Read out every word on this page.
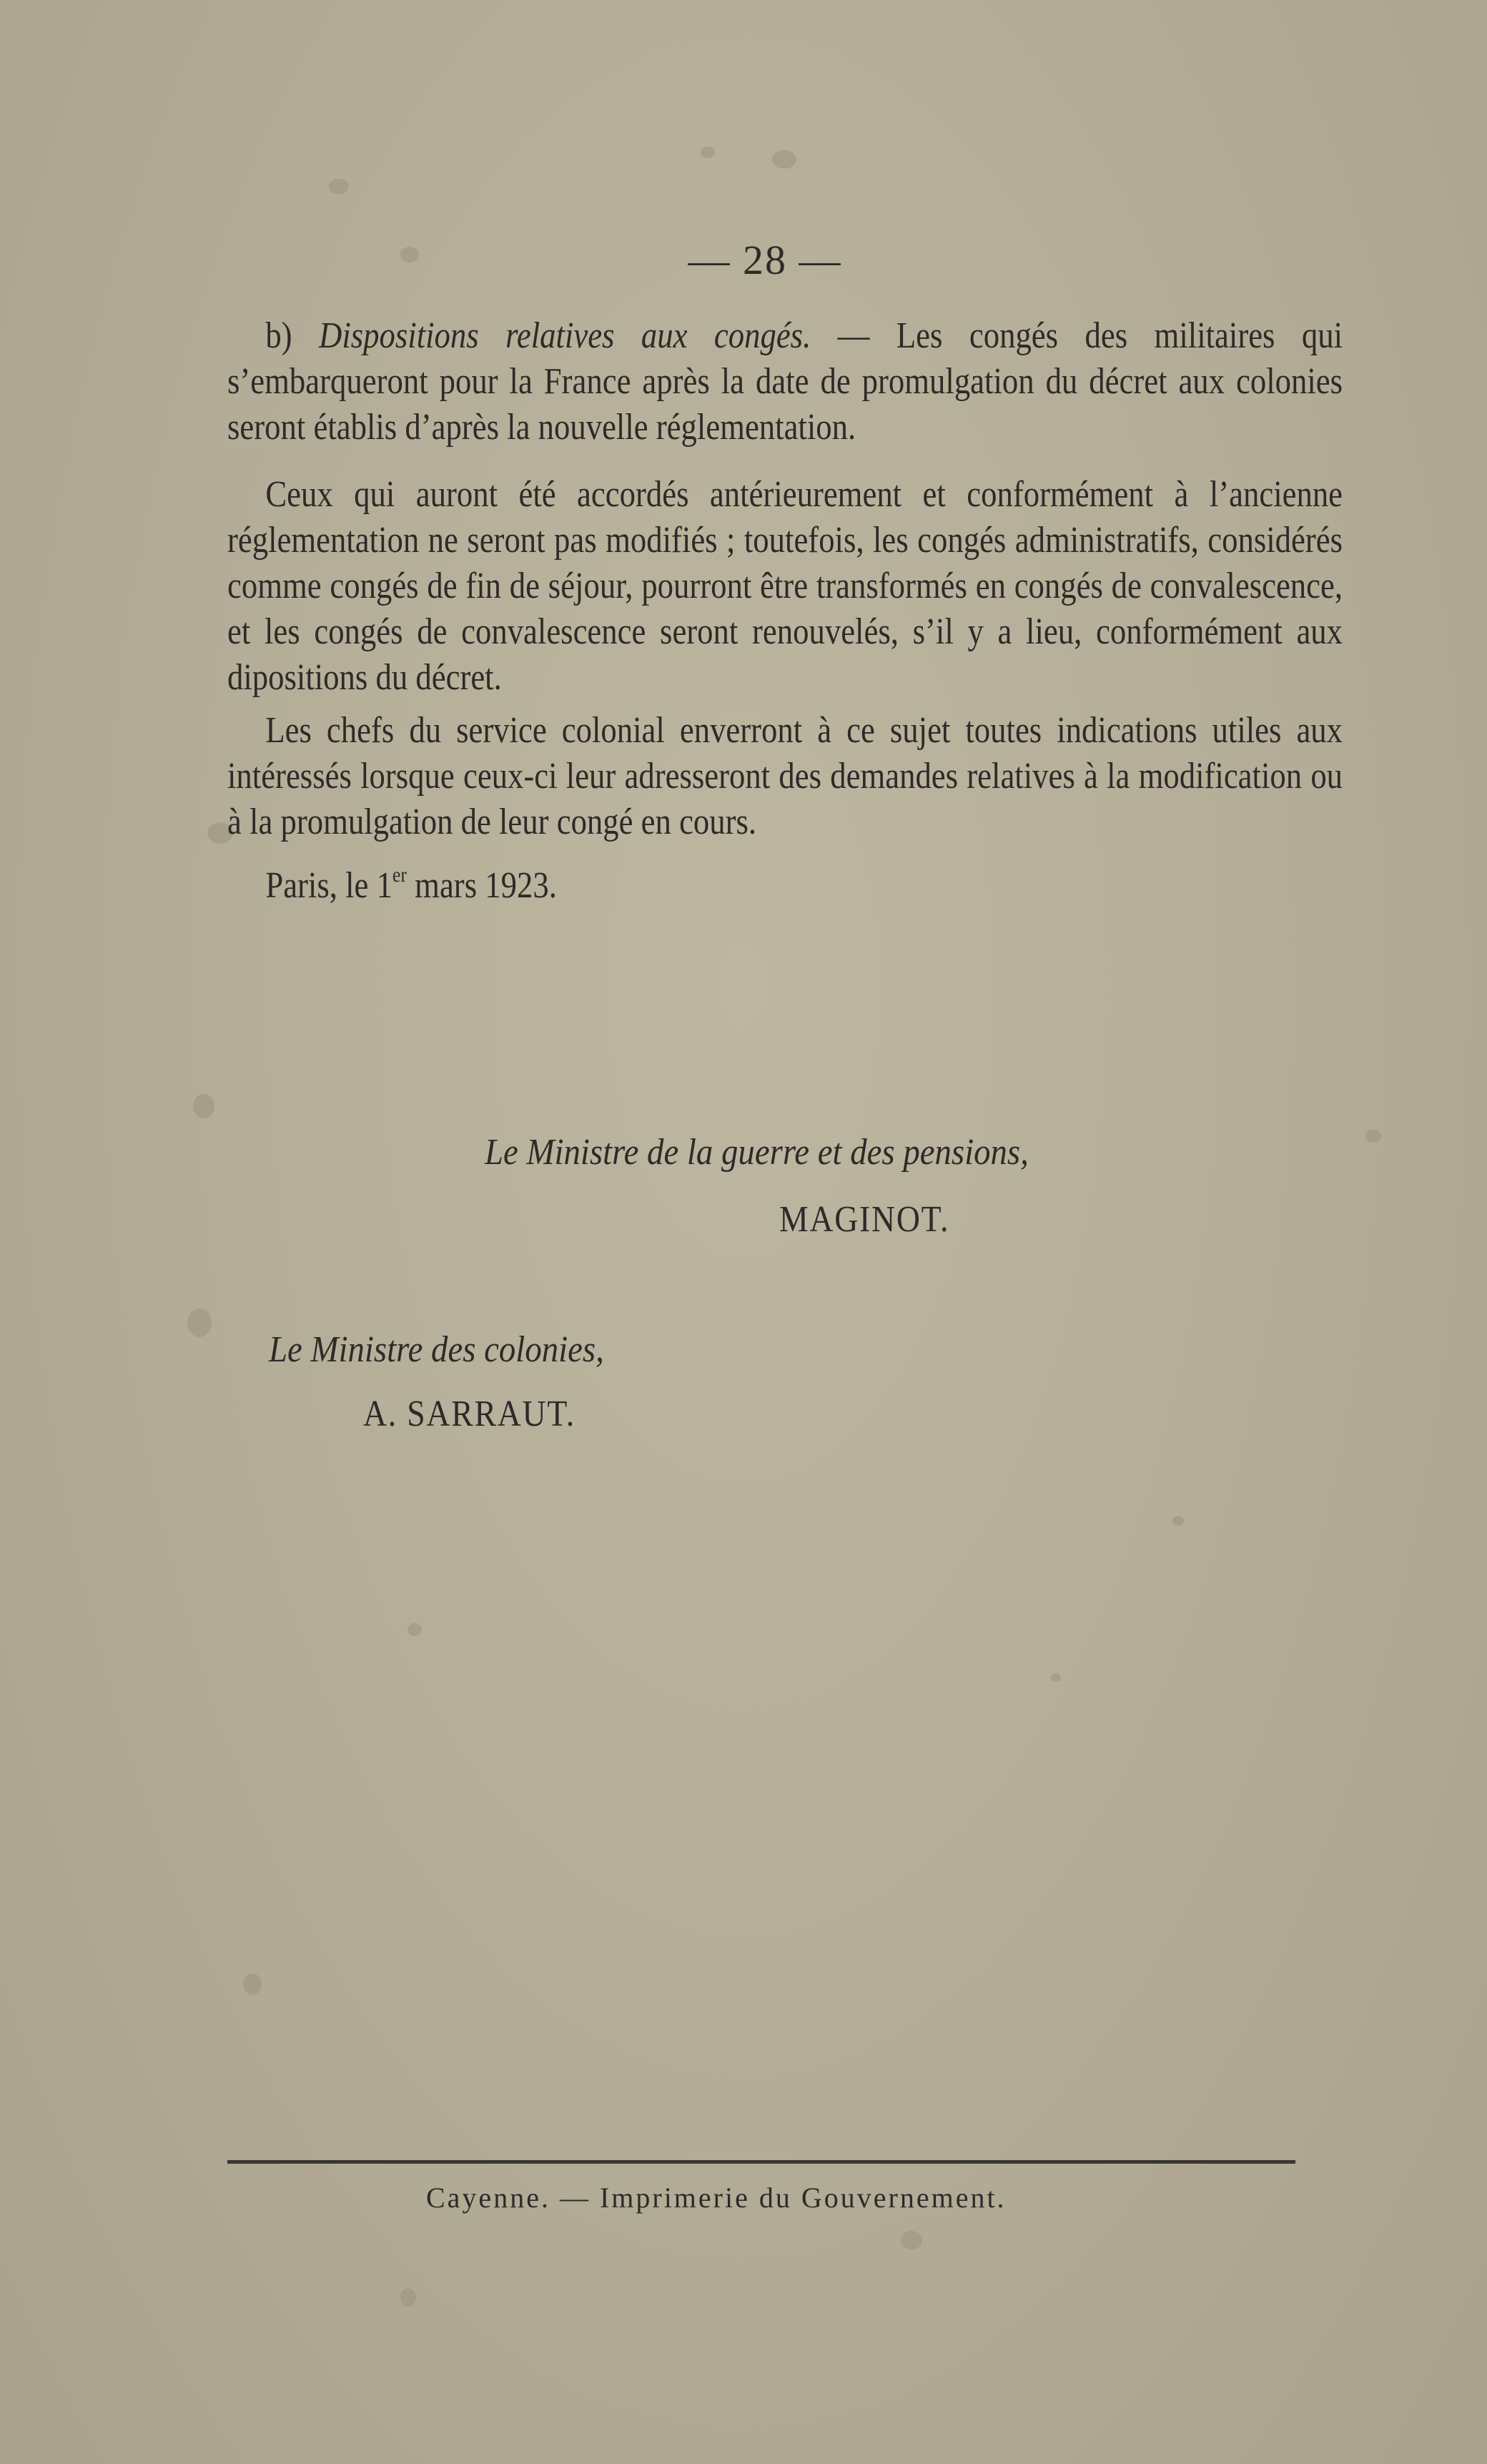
— 28 —

b) Dispositions relatives aux congés. — Les congés des militaires qui s’embarqueront pour la France après la date de promulgation du décret aux colonies seront établis d’après la nouvelle réglementation.

Ceux qui auront été accordés antérieurement et conformément à l’ancienne réglementation ne seront pas modifiés ; toutefois, les congés administratifs, considérés comme congés de fin de séjour, pourront être transformés en congés de convalescence, et les congés de convalescence seront renouvelés, s’il y a lieu, conformément aux dipositions du décret.

Les chefs du service colonial enverront à ce sujet toutes indications utiles aux intéressés lorsque ceux-ci leur adresseront des demandes relatives à la modification ou à la promulgation de leur congé en cours.

Paris, le 1er mars 1923.

Le Ministre de la guerre et des pensions,
MAGINOT.
Le Ministre des colonies,
A. SARRAUT.
Cayenne. — Imprimerie du Gouvernement.
